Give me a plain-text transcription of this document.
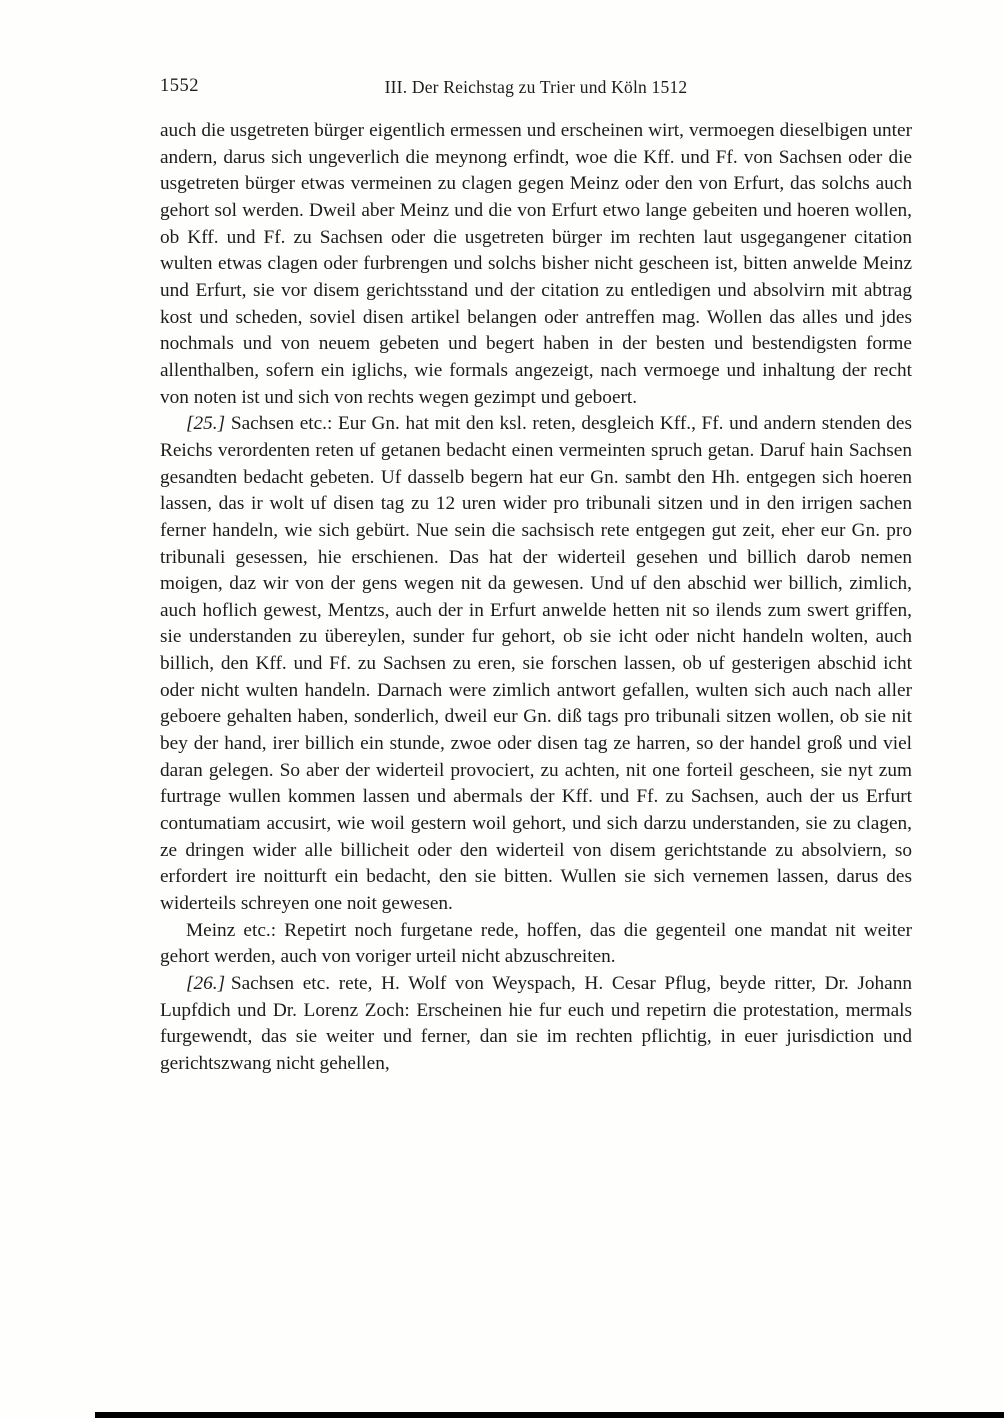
1552	III. Der Reichstag zu Trier und Köln 1512

auch die usgetreten bürger eigentlich ermessen und erscheinen wirt, vermoegen dieselbigen unter andern, darus sich ungeverlich die meynong erfindt, woe die Kff. und Ff. von Sachsen oder die usgetreten bürger etwas vermeinen zu clagen gegen Meinz oder den von Erfurt, das solchs auch gehort sol werden. Dweil aber Meinz und die von Erfurt etwo lange gebeiten und hoeren wollen, ob Kff. und Ff. zu Sachsen oder die usgetreten bürger im rechten laut usgegangener citation wulten etwas clagen oder furbrengen und solchs bisher nicht gescheen ist, bitten anwelde Meinz und Erfurt, sie vor disem gerichtsstand und der citation zu entledigen und absolvirn mit abtrag kost und scheden, soviel disen artikel belangen oder antreffen mag. Wollen das alles und jdes nochmals und von neuem gebeten und begert haben in der besten und bestendigsten forme allenthalben, sofern ein iglichs, wie formals angezeigt, nach vermoege und inhaltung der recht von noten ist und sich von rechts wegen gezimpt und geboert.

[25.] Sachsen etc.: Eur Gn. hat mit den ksl. reten, desgleich Kff., Ff. und andern stenden des Reichs verordenten reten uf getanen bedacht einen vermeinten spruch getan. Daruf hain Sachsen gesandten bedacht gebeten. Uf dasselb begern hat eur Gn. sambt den Hh. entgegen sich hoeren lassen, das ir wolt uf disen tag zu 12 uren wider pro tribunali sitzen und in den irrigen sachen ferner handeln, wie sich gebürt. Nue sein die sachsisch rete entgegen gut zeit, eher eur Gn. pro tribunali gesessen, hie erschienen. Das hat der widerteil gesehen und billich darob nemen moigen, daz wir von der gens wegen nit da gewesen. Und uf den abschid wer billich, zimlich, auch hoflich gewest, Mentzs, auch der in Erfurt anwelde hetten nit so ilends zum swert griffen, sie understanden zu übereylen, sunder fur gehort, ob sie icht oder nicht handeln wolten, auch billich, den Kff. und Ff. zu Sachsen zu eren, sie forschen lassen, ob uf gesterigen abschid icht oder nicht wulten handeln. Darnach were zimlich antwort gefallen, wulten sich auch nach aller geboere gehalten haben, sonderlich, dweil eur Gn. diß tags pro tribunali sitzen wollen, ob sie nit bey der hand, irer billich ein stunde, zwoe oder disen tag ze harren, so der handel groß und viel daran gelegen. So aber der widerteil provociert, zu achten, nit one forteil gescheen, sie nyt zum furtrage wullen kommen lassen und abermals der Kff. und Ff. zu Sachsen, auch der us Erfurt contumatiam accusirt, wie woil gestern woil gehort, und sich darzu understanden, sie zu clagen, ze dringen wider alle billicheit oder den widerteil von disem gerichtstande zu absolviern, so erfordert ire noitturft ein bedacht, den sie bitten. Wullen sie sich vernemen lassen, darus des widerteils schreyen one noit gewesen.

Meinz etc.: Repetirt noch furgetane rede, hoffen, das die gegenteil one mandat nit weiter gehort werden, auch von voriger urteil nicht abzuschreiten.

[26.] Sachsen etc. rete, H. Wolf von Weyspach, H. Cesar Pflug, beyde ritter, Dr. Johann Lupfdich und Dr. Lorenz Zoch: Erscheinen hie fur euch und repetirn die protestation, mermals furgewendt, das sie weiter und ferner, dan sie im rechten pflichtig, in euer jurisdiction und gerichtszwang nicht gehellen,
